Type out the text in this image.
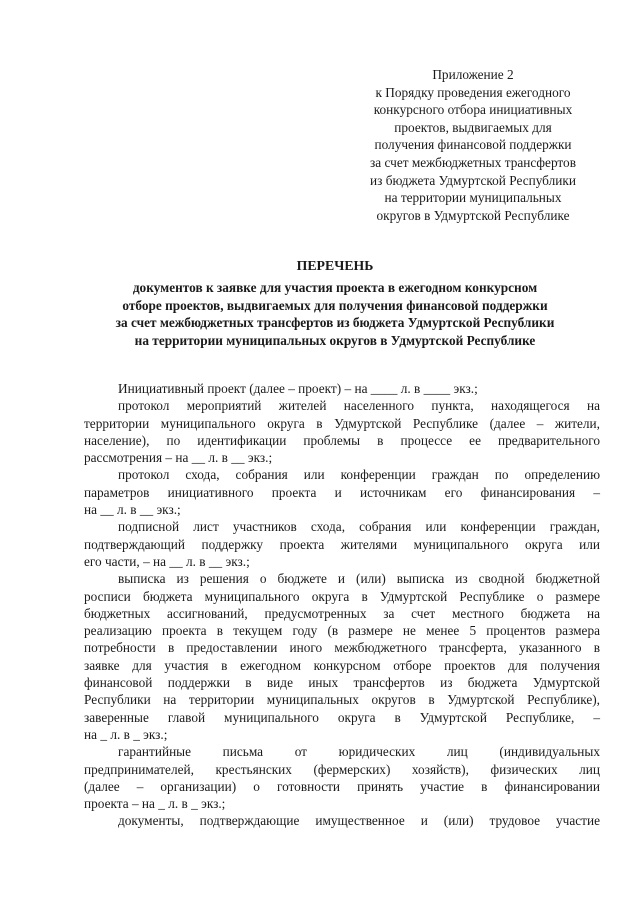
Приложение 2
к Порядку проведения ежегодного
конкурсного отбора инициативных
проектов, выдвигаемых для
получения финансовой поддержки
за счет межбюджетных трансфертов
из бюджета Удмуртской Республики
на территории муниципальных
округов в Удмуртской Республике
ПЕРЕЧЕНЬ
документов к заявке для участия проекта в ежегодном конкурсном
отборе проектов, выдвигаемых для получения финансовой поддержки
за счет межбюджетных трансфертов из бюджета Удмуртской Республики
на территории муниципальных округов в Удмуртской Республике
Инициативный проект (далее – проект) – на ____ л. в ____ экз.;
протокол мероприятий жителей населенного пункта, находящегося на
территории муниципального округа в Удмуртской Республике (далее – жители,
население), по идентификации проблемы в процессе ее предварительного
рассмотрения – на __ л. в __ экз.;
протокол схода, собрания или конференции граждан по определению
параметров инициативного проекта и источникам его финансирования –
на __ л. в __ экз.;
подписной лист участников схода, собрания или конференции граждан,
подтверждающий поддержку проекта жителями муниципального округа или
его части, – на __ л. в __ экз.;
выписка из решения о бюджете и (или) выписка из сводной бюджетной
росписи бюджета муниципального округа в Удмуртской Республике о размере
бюджетных ассигнований, предусмотренных за счет местного бюджета на
реализацию проекта в текущем году (в размере не менее 5 процентов размера
потребности в предоставлении иного межбюджетного трансферта, указанного в
заявке для участия в ежегодном конкурсном отборе проектов для получения
финансовой поддержки в виде иных трансфертов из бюджета Удмуртской
Республики на территории муниципальных округов в Удмуртской Республике),
заверенные главой муниципального округа в Удмуртской Республике, –
на _ л. в _ экз.;
гарантийные письма от юридических лиц (индивидуальных
предпринимателей, крестьянских (фермерских) хозяйств), физических лиц
(далее – организации) о готовности принять участие в финансировании
проекта – на _ л. в _ экз.;
документы, подтверждающие имущественное и (или) трудовое участие
